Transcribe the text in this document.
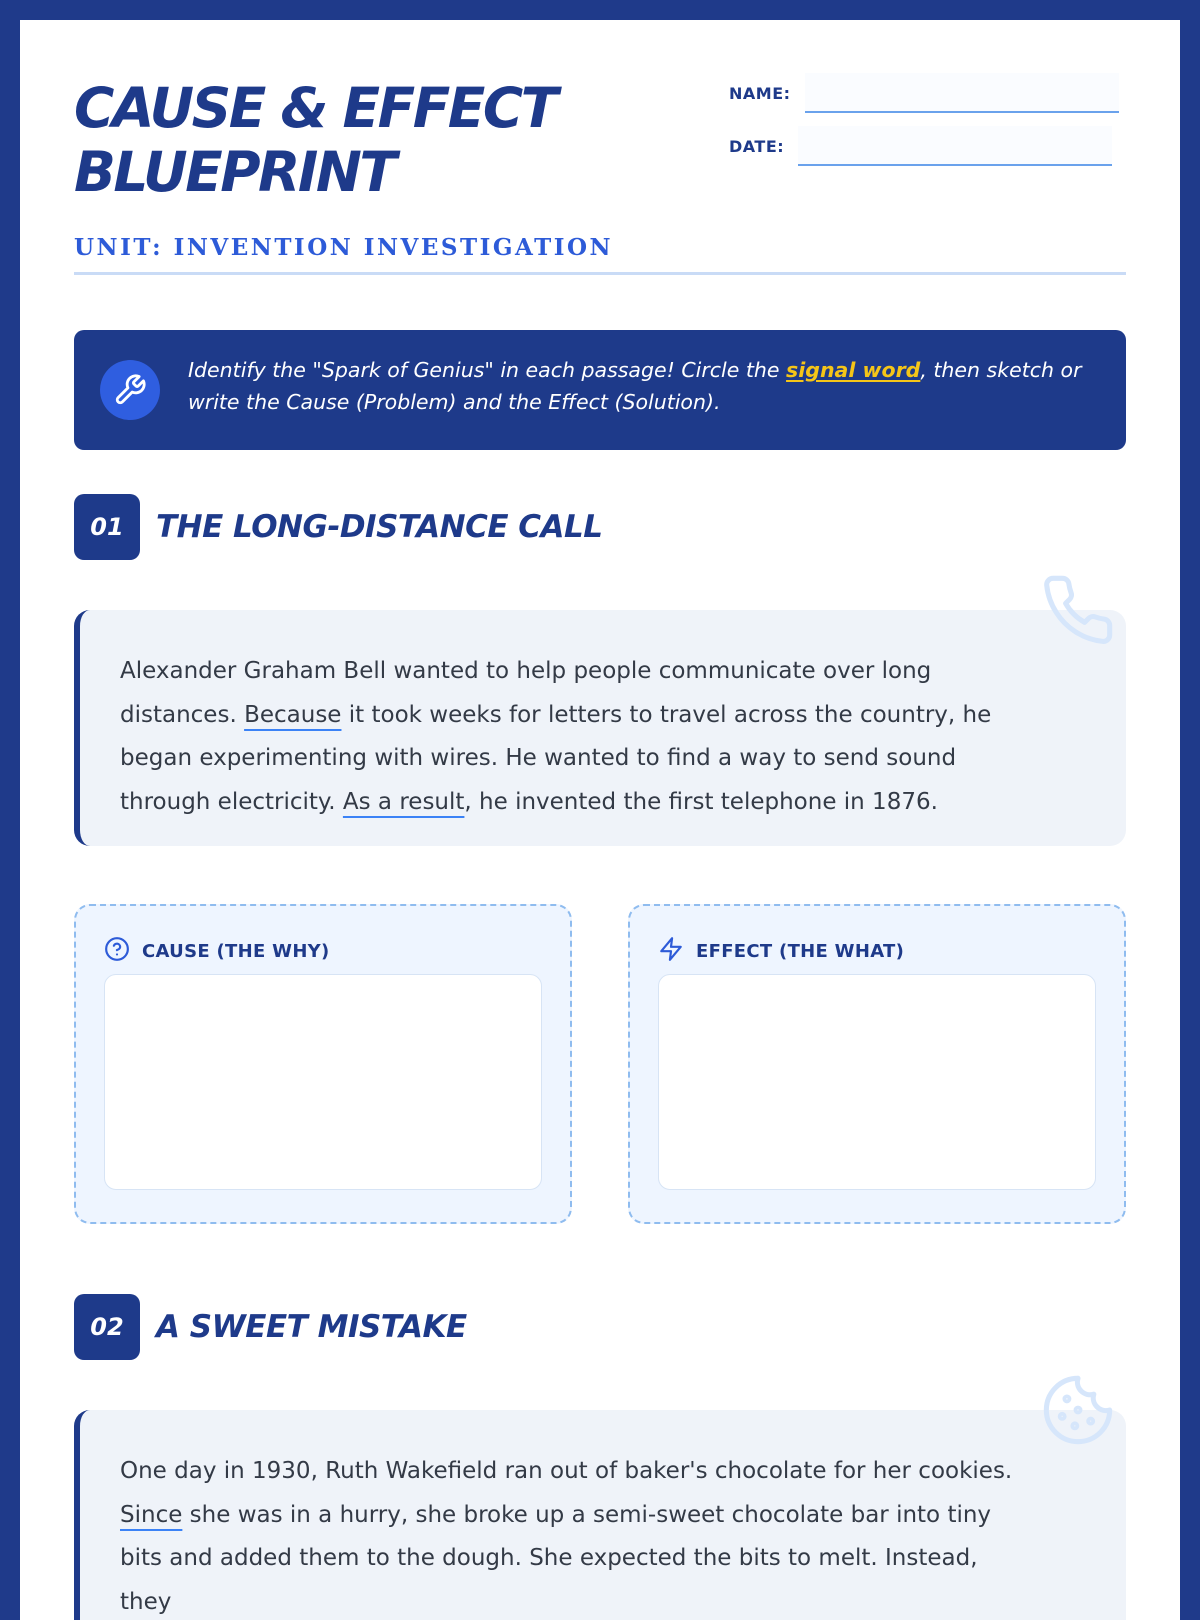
CAUSE & EFFECT BLUEPRINT
UNIT: INVENTION INVESTIGATION
NAME:
DATE:
Identify the "Spark of Genius" in each passage! Circle the signal word, then sketch or write the Cause (Problem) and the Effect (Solution).
01	THE LONG-DISTANCE CALL
Alexander Graham Bell wanted to help people communicate over long distances. Because it took weeks for letters to travel across the country, he began experimenting with wires. He wanted to find a way to send sound through electricity. As a result, he invented the first telephone in 1876.
CAUSE (THE WHY)	EFFECT (THE WHAT)
02	A SWEET MISTAKE
One day in 1930, Ruth Wakefield ran out of baker's chocolate for her cookies. Since she was in a hurry, she broke up a semi-sweet chocolate bar into tiny bits and added them to the dough. She expected the bits to melt. Instead, they
